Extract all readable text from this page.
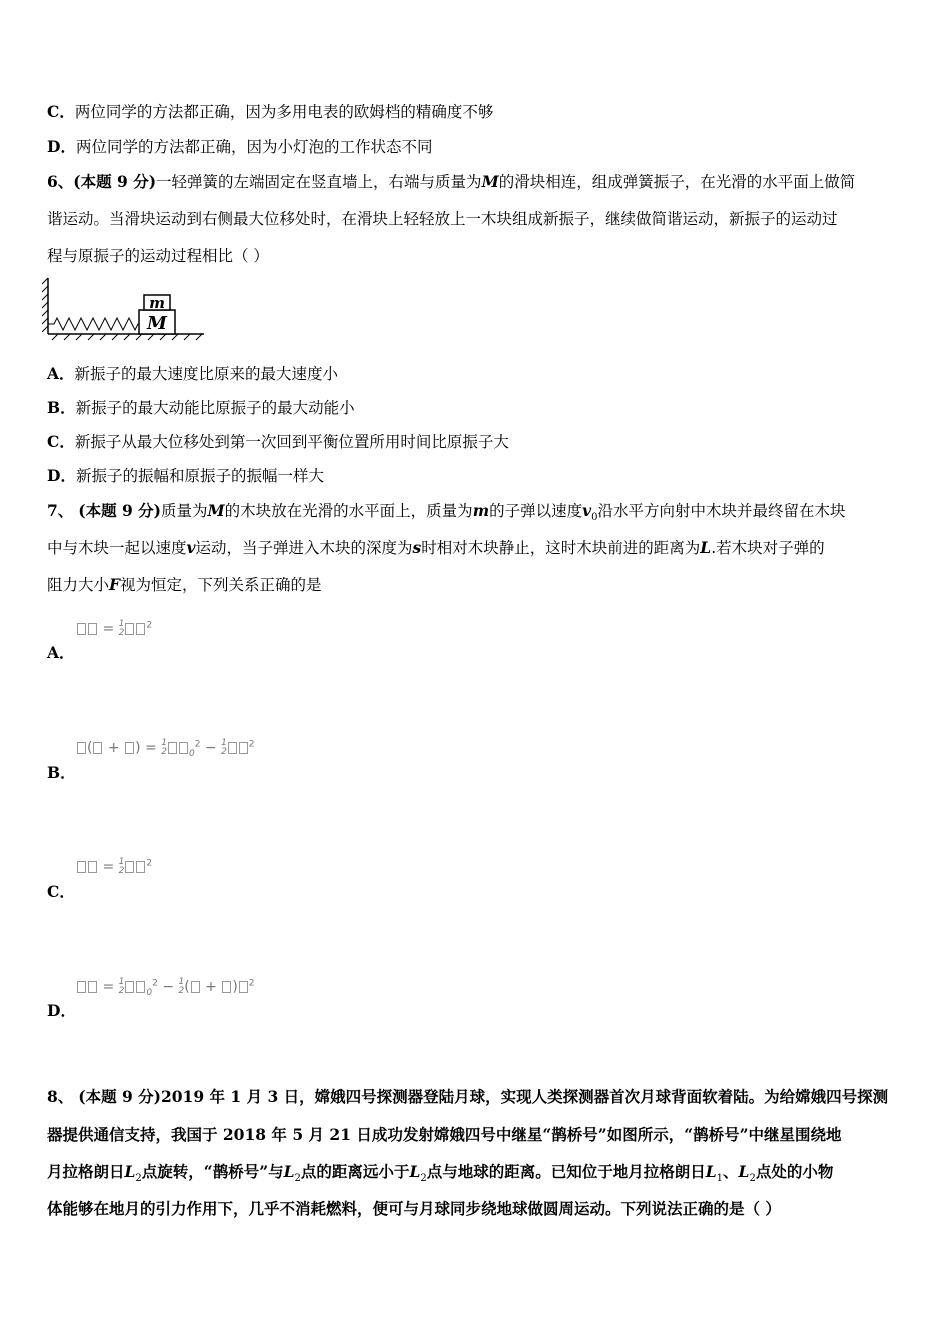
C．两位同学的方法都正确，因为多用电表的欧姆档的精确度不够
D．两位同学的方法都正确，因为小灯泡的工作状态不同
6、(本题 9 分)一轻弹簧的左端固定在竖直墙上，右端与质量为M的滑块相连，组成弹簧振子，在光滑的水平面上做简
谐运动。当滑块运动到右侧最大位移处时，在滑块上轻轻放上一木块组成新振子，继续做简谐运动，新振子的运动过
程与原振子的运动过程相比（ ）
M
m
A．新振子的最大速度比原来的最大速度小
B．新振子的最大动能比原振子的最大动能小
C．新振子从最大位移处到第一次回到平衡位置所用时间比原振子大
D．新振子的振幅和原振子的振幅一样大
7、 (本题 9 分)质量为M的木块放在光滑的水平面上，质量为m的子弹以速度$v_0$沿水平方向射中木块并最终留在木块
中与木块一起以速度v运动，当子弹进入木块的深度为s时相对木块静止，这时木块前进的距离为L.若木块对子弹的
阻力大小F视为恒定，下列关系正确的是
= 1
2
$^2$
A．
( + ) = 1
2 $_0^2$ − 1
2
$^2$
B．
= 1
2
$^2$
C．
= 1
2 $_0^2$ − 1
2 ( + ) $^2$
D．
8、 (本题 9 分)2019 年 1 月 3 日，嫦娥四号探测器登陆月球，实现人类探测器首次月球背面软着陆。为给嫦娥四号探测
器提供通信支持，我国于 2018 年 5 月 21 日成功发射嫦娥四号中继星“鹊桥号”如图所示，“鹊桥号”中继星围绕地
月拉格朗日$L_2$点旋转，“鹊桥号”与$L_2$点的距离远小于$L_2$点与地球的距离。已知位于地月拉格朗日$L_1$、$L_2$点处的小物
体能够在地月的引力作用下，几乎不消耗燃料，便可与月球同步绕地球做圆周运动。下列说法正确的是（ ）
